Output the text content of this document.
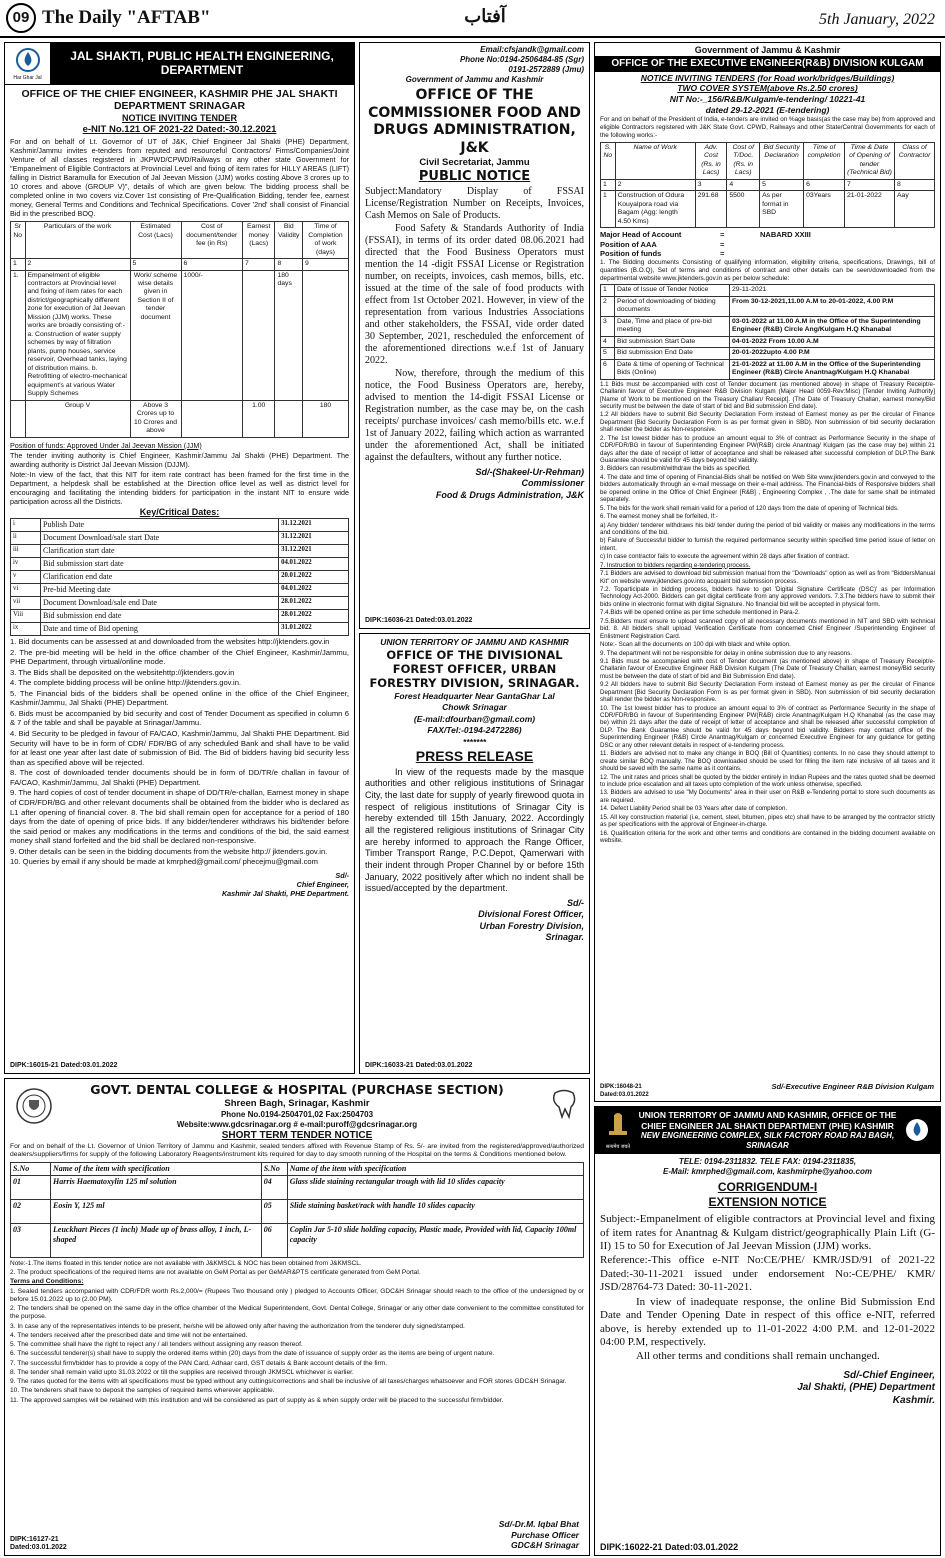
09 The Daily "AFTAB"	آفتاب	5th January, 2022
Har Ghar Jal
JAL SHAKTI, PUBLIC HEALTH ENGINEERING, DEPARTMENT
OFFICE OF THE CHIEF ENGINEER, KASHMIR PHE JAL SHAKTI DEPARTMENT SRINAGAR
NOTICE INVITING TENDER
e-NIT No.121 OF 2021-22 Dated:-30.12.2021

For and on behalf of Lt. Governor of UT of J&K, Chief Engineer Jal Shakti (PHE) Department, Kashmir/Jammu invites e-tenders from reputed and resourceful Contractors/ Firms/Companies/Joint Venture of all classes registered in JKPWD/CPWD/Railways or any other state Government for "Empanelment of Eligible Contractors at Provincial Level and fixing of item rates for HILLY AREAS (LIFT) falling in District Baramulla for Execution of Jal Jeevan Mission (JJM) works costing Above 3 crores up to 10 crores and above (GROUP V)", details of which are given below. The bidding process shall be completed online in two covers viz.Cover 1st consisting of Pre-Qualification Bidding, tender fee, earnest money, General Terms and Conditions and Technical Specifications. Cover '2nd' shall consist of Financial Bid in the prescribed BOQ.

Sr No	Particulars of the work	Estimated Cost (Lacs)	Cost of document/tender fee (in Rs)	Earnest money (Lacs)	Bid Validity	Time of Completion of work (days)
1	2	5	6	7	8	9
1.	Empanelment of eligible contractors at Provincial level and fixing of item rates for each district/geographically different zone for execution of Jal Jeevan Mission (JJM) works. These works are broadly consisting of:- a. Construction of water supply schemes by way of filtration plants, pump houses, service reservoir, Overhead tanks, laying of distribution mains. b. Retrofitting of electro-mechanical equipment's at various Water Supply Schemes	Work/ scheme wise details given in Section II of tender document	1000/-		180 days	
	Group V	Above 3 Crores up to 10 Crores and above		1.00		180

Position of funds: Approved Under Jal Jeevan Mission (JJM)

The tender inviting authority is Chief Engineer, Kashmir/Jammu Jal Shakti (PHE) Department. The awarding authority is District Jal Jeevan Mission (DJJM).

Note:-In view of the fact, that this NIT for item rate contract has been framed for the first time in the Department, a helpdesk shall be established at the Direction office level as well as district level for encouraging and facilitating the intending bidders for participation in the instant NIT to ensure wide participation across all the Districts.

Key/Critical Dates:
i	Publish Date	31.12.2021
ii	Document Download/sale start Date	31.12.2021
iii	Clarification start date	31.12.2021
iv	Bid submission start date	04.01.2022
v	Clarification end date	20.01.2022
vi	Pre-bid Meeting date	04.01.2022
vii	Document Download/sale end Date	28.01.2022
Viii	Bid submission end date	28.01.2022
ix	Date and time of Bid opening	31.01.2022

1. Bid documents can be assessed at and downloaded from the websites http://jktenders.gov.in

2. The pre-bid meeting will be held in the office chamber of the Chief Engineer, Kashmir/Jammu, PHE Department, through virtual/online mode.

3. The Bids shall be deposited on the websitehttp://jktenders.gov.in

4. The complete bidding process will be online http://jktenders.gov.in.

5. The Financial bids of the bidders shall be opened online in the office of the Chief Engineer, Kashmir/Jammu, Jal Shakti (PHE) Department.

6. Bids must be accompanied by bid security and cost of Tender Document as specified in column 6 & 7 of the table and shall be payable at Srinagar/Jammu.

4. Bid Security to be pledged in favour of FA/CAO, Kashmir/Jammu, Jal Shakti PHE Department. Bid Security will have to be in form of CDR/ FDR/BG of any scheduled Bank and shall have to be valid for at least one year after last date of submission of Bid. The Bid of bidders having bid security less than as specified above will be rejected.

8. The cost of downloaded tender documents should be in form of DD/TR/e challan in favour of FA/CAO, Kashmir/Jammu, Jal Shakti (PHE) Department.

9. The hard copies of cost of tender document in shape of DD/TR/e-challan, Earnest money in shape of CDR/FDR/BG and other relevant documents shall be obtained from the bidder who is declared as L1 after opening of financial cover. 8. The bid shall remain open for acceptance for a period of 180 days from the date of opening of price bids. If any bidder/tenderer withdraws his bid/tender before the said period or makes any modifications in the terms and conditions of the bid, the said earnest money shall stand forfeited and the bid shall be declared non-responsive.

9. Other details can be seen in the bidding documents from the website http:// jktenders.gov.in.

10. Queries by email if any should be made at kmrphed@gmail.com/ phecejmu@gmail.com

Sd/-
Chief Engineer,
Kashmir Jal Shakti, PHE Department.
DIPK:16015-21 Dated:03.01.2022
Email:cfsjandk@gmail.com
Phone No:0194-2506484-85 (Sgr)
0191-2572889 (Jmu)
Government of Jammu and Kashmir
OFFICE OF THE COMMISSIONER FOOD AND DRUGS ADMINISTRATION, J&K
Civil Secretariat, Jammu
PUBLIC NOTICE

Subject:Mandatory Display of FSSAI License/Registration Number on Receipts, Invoices, Cash Memos on Sale of Products.

Food Safety & Standards Authority of India (FSSAI), in terms of its order dated 08.06.2021 had directed that the Food Business Operators must mention the 14 -digit FSSAI License or Registration number, on receipts, invoices, cash memos, bills, etc. issued at the time of the sale of food products with effect from 1st October 2021. However, in view of the representation from various Industries Associations and other stakeholders, the FSSAI, vide order dated 30 September, 2021, rescheduled the enforcement of the aforementioned directions w.e.f 1st of January 2022.

Now, therefore, through the medium of this notice, the Food Business Operators are, hereby, advised to mention the 14-digit FSSAI License or Registration number, as the case may be, on the cash receipts/ purchase invoices/ cash memo/bills etc. w.e.f 1st of January 2022, failing which action as warranted under the aforementioned Act, shall be initiated against the defaulters, without any further notice.

Sd/-(Shakeel-Ur-Rehman)
Commissioner
Food & Drugs Administration, J&K
DIPK:16036-21 Dated:03.01.2022
UNION TERRITORY OF JAMMU AND KASHMIR
OFFICE OF THE DIVISIONAL FOREST OFFICER, URBAN FORESTRY DIVISION, SRINAGAR.
Forest Headquarter Near GantaGhar Lal
Chowk Srinagar
(E-mail:dfourban@gmail.com)
FAX/Tel:-0194-2472286)
*******
PRESS RELEASE

In view of the requests made by the masque authorities and other religious institutions of Srinagar City, the last date for supply of yearly firewood quota in respect of religious institutions of Srinagar City is hereby extended till 15th January, 2022. Accordingly all the registered religious institutions of Srinagar City are hereby informed to approach the Range Officer, Timber Transport Range, P.C.Depot, Qamerwari with their indent through Proper Channel by or before 15th January, 2022 positively after which no indent shall be issued/accepted by the department.

Sd/-
Divisional Forest Officer,
Urban Forestry Division,
Srinagar.
DIPK:16033-21 Dated:03.01.2022
Government of Jammu & Kashmir
OFFICE OF THE EXECUTIVE ENGINEER(R&B) DIVISION KULGAM
NOTICE INVITING TENDERS (for Road work/bridges/Buildings)
TWO COVER SYSTEM(above Rs.2.50 crores)
NIT No:-_156/R&B/Kulgam/e-tendering/ 10221-41
dated 29-12-2021 (E-tendering)

For and on behalf of the President of India, e-tenders are invited on %age basis(as the case may be) from approved and eligible Contractors registered with J&K State Govt. CPWD, Railways and other State/Central Governments for each of the following works:-

S. No	Name of Work	Adv. Cost (Rs. in Lacs)	Cost of T/Doc. (Rs. in Lacs)	Bid Security Declaration	Time of completion	Time & Date of Opening of tender (Technical Bid)	Class of Contractor
1	2	3	4	5	6	7	8
1	Construction of Odura Kouyalpora road via Bagam (Agg: length 4.50 Kms)	291.68	5500	As per format in SBD	03Years	21-01-2022	Aay
Major Head of Account	=	NABARD XXIII
Position of AAA	=
Position of funds	=

1. The Bidding documents Consisting of qualifying information, eligibility criteria, specifications, Drawings, bill of quantities (B.O.Q), Set of terms and conditions of contract and other details can be seen/downloaded from the departmental website www.jktenders.gov.in as per below schedule:

1	Date of Issue of Tender Notice	29-11-2021
2	Period of downloading of bidding documents	From 30-12-2021,11.00 A.M to 20-01-2022, 4.00 P.M
3	Date, Time and place of pre-bid meeting	03-01-2022 at 11.00 A.M in the Office of the Superintending Engineer (R&B) Circle Ang/Kulgam H.Q Khanabal
4	Bid submission Start Date	04-01-2022 From 10.00 A.M
5	Bid submission End Date	20-01-2022upto 4.00 P.M
6	Date & time of opening of Technical Bids (Online)	21-01-2022 at 11.00 A.M in the Office of the Superintending Engineer (R&B) Circle Anantnag/Kulgam H.Q Khanabal

1.1 Bids must be accompanied with cost of Tender document (as mentioned above) in shape of Treasury Receipt/e-Challanin favour of Executive Engineer R&B Division Kulgam (Major Head 0059-Rev:Misc) [Tender Inviting Authority][Name of Work to be mentioned on the Treasury Challan/ Receipt]. (The Date of Treasury Challan, earnest money/Bid security must be between the date of start of bid and Bid submission End date).

1.2 All bidders have to submit Bid Security Declaration Form instead of Earnest money as per the circular of Finance Department [Bid Security Declaration Form is as per format given in SBD). Non submission of bid security declaration shall render the bidder as Non-responsive.

2. The 1st lowest bidder has to produce an amount equal to 3% of contract as Performance Security in the shape of CDR/FDR/BG in favour of Superintending Engineer PW(R&B) circle Anantnag/ Kulgam (as the case may be) within 21 days after the date of receipt of letter of acceptance and shall be released after successful completion of DLP.The Bank Guarantee should be valid for 45 days beyond bid validity.

3. Bidders can resubmit/withdraw the bids as specified.

4. The date and time of opening of Financial-Bids shall be notified on Web Site www.jktenders.gov.in and conveyed to the bidders automatically through an e-mail message on their e-mail address. The Financial-bids of Responsive bidders shall be opened online in the Office of Chief Engineer [R&B] , Engineering Complex , .The date for same shall be intimated separately.

5. The bids for the work shall remain valid for a period of 120 days from the date of opening of Technical bids.

6. The earnest money shall be forfeited, If:-

a) Any bidder/ tenderer withdraws his bid/ tender during the period of bid validity or makes any modifications in the terms and conditions of the bid.

b) Failure of Successful bidder to furnish the required performance security within specified time period issue of letter on intent.

c) In case contractor fails to execute the agreement within 28 days after fixation of contract.

7. Instruction to bidders regarding e-tendering process.

7.1 Bidders are advised to download bid submission manual from the "Downloads" option as well as from "BiddersManual Kit" on website www.jktenders.gov.into acquaint bid submission process.

7.2. Toparticipate in bidding process, bidders have to get 'Digital Signature Certificate (DSC)' as per Information Technology Act-2000. Bidders can get digital certificate from any approved vendors. 7.3.The bidders have to submit their bids online in electronic format with digital Signature. No financial bid will be accepted in physical form.

7.4.Bids will be opened online as per time schedule mentioned in Para-2.

7.5.Bidders must ensure to upload scanned copy of all necessary documents mentioned in NIT and SBD with technical bid. 8. All bidders shall upload Verification Certificate from concerned Chief Engineer /Superintending Engineer of Enlistment Registration Card.

Note:- Scan all the documents on 100 dpi with black and white option.

9. The department will not be responsible for delay in online submission due to any reasons.

9.1 Bids must be accompanied with cost of Tender document (as mentioned above) in shape of Treasury Receipt/e-Challanin favour of Executive Engineer R&B Division Kulgam (The Date of Treasury Challan, earnest money/Bid security must be between the date of start of bid and Bid Submission End date).

9.2 All bidders have to submit Bid Security Declaration Form instead of Earnest money as per the circular of Finance Department [Bid Security Declaration Form is as per format given in SBD). Non submission of bid security declaration shall render the bidder as Non-responsive.

10. The 1st lowest bidder has to produce an amount equal to 3% of contract as Performance Security in the shape of CDR/FDR/BG in favour of Superintending Engineer PW(R&B) circle Anantnag/Kulgam H.Q Khanabal (as the case may be) within 21 days after the date of receipt of letter of acceptance and shall be released after successful completion of DLP. The Bank Guarantee should be valid for 45 days beyond bid validity. Bidders may contact office of the Superintending Engineer (R&B) Circle Anantnag/Kulgam or concerned Executive Engineer for any guidance for getting DSC or any other relevant details in respect of e-tendering process.

11. Bidders are advised not to make any change in BOQ (Bill of Quantities) contents. In no case they should attempt to create similar BOQ manually. The BOQ downloaded should be used for filling the item rate inclusive of all taxes and it should be saved with the same name as it contains.

12. The unit rates and prices shall be quoted by the bidder entirely in Indian Rupees and the rates quoted shall be deemed to include price escalation and all taxes upto completion of the work unless otherwise, specified.

13. Bidders are advised to use "My Documents" area in their user on R&B e-Tendering portal to store such documents as are required.

14. Defect Liability Period shall be 03 Years after date of completion.

15. All key construction material (i.e, cement, steel, bitumen, pipes etc) shall have to be arranged by the contractor strictly as per specifications with the approval of Engineer-in-charge.

16. Qualification criteria for the work and other terms and conditions are contained in the bidding document available on website.

Sd/-Executive Engineer R&B Division Kulgam
DIPK:16048-21
Dated:03.01.2022
GOVT. DENTAL COLLEGE & HOSPITAL (PURCHASE SECTION)
Shreen Bagh, Srinagar, Kashmir
Phone No.0194-2504701,02 Fax:2504703
Website:www.gdcsrinagar.org # e-mail:puroff@gdcsrinagar.org
SHORT TERM TENDER NOTICE

For and on behalf of the Lt. Governor of Union Territory of Jammu and Kashmir, sealed tenders affixed with Revenue Stamp of Rs. 5/- are invited from the registered/approved/authorized dealers/suppliers/firms for supply of the following Laboratory Reagents/instrument kits required for day to day smooth running of the Hospital on the terms & Conditions mentioned below.

S.No	Name of the item with specification	S.No	Name of the item with specification
01	Harris Haematoxylin 125 ml solution	04	Glass slide staining rectangular trough with lid 10 slides capacity
02	Eosin Y, 125 ml	05	Slide staining basket/rack with handle 10 slides capacity
03	Leuckhart Pieces (1 inch) Made up of brass alloy, 1 inch, L-shaped	06	Coplin Jar 5-10 slide holding capacity, Plastic made, Provided with lid, Capacity 100ml capacity

Note:-1.The items floated in this tender notice are not available with J&KMSCL & NOC has been obtained from J&KMSCL.

2. The product specifications of the required items are not available on GeM Portal as per GeMAR&PTS certificate generated from GeM Portal.

Terms and Conditions:

1. Sealed tenders accompanied with CDR/FDR worth Rs.2,000/= (Rupees Two thousand only ) pledged to Accounts Officer, GDC&H Srinagar should reach to the office of the undersigned by or before 15.01.2022 up to (2.00 PM).

2. The tenders shall be opened on the same day in the office chamber of the Medical Superintendent, Govt. Dental College, Srinagar or any other date convenient to the committee constituted for the purpose.

3. In case any of the representatives intends to be present, he/she will be allowed only after having the authorization from the tenderer duly signed/stamped.

4. The tenders received after the prescribed date and time will not be entertained.

5. The committee shall have the right to reject any / all tenders without assigning any reason thereof.

6. The successful tenderer(s) shall have to supply the ordered items within (20) days from the date of issuance of supply order as the items are being of urgent nature.

7. The successful firm/bidder has to provide a copy of the PAN Card, Adhaar card, GST details & Bank account details of the firm.

8. The tender shall remain valid upto 31.03.2022 or till the supplies are received through JKMSCL whichever is earlier.

9. The rates quoted for the items with all specifications must be typed without any cuttings/corrections and shall be inclusive of all taxes/charges whatsoever and FOR stores GDC&H Srinagar.

10. The tenderers shall have to deposit the samples of required items wherever applicable.

11. The approved samples will be retained with this institution and will be considered as part of supply as & when supply order will be placed to the successful firm/bidder.

Sd/-Dr.M. Iqbal Bhat
Purchase Officer
GDC&H Srinagar
DIPK:16127-21
Dated:03.01.2022
सत्यमेव जयते
UNION TERRITORY OF JAMMU AND KASHMIR, OFFICE OF THE CHIEF ENGINEER JAL SHAKTI DEPARTMENT (PHE) KASHMIR
NEW ENGINEERING COMPLEX, SILK FACTORY ROAD RAJ BAGH, SRINAGAR
TELE: 0194-2311832. TELE FAX: 0194-2311835,
E-Mail: kmrphed@gmail.com, kashmirphe@yahoo.com
CORRIGENDUM-I
EXTENSION NOTICE

Subject:-Empanelment of eligible contractors at Provincial level and fixing of item rates for Anantnag & Kulgam district/geographically Plain Lift (G-II) 15 to 50 for Execution of Jal Jeevan Mission (JJM) works.

Reference:-This office e-NIT No:CE/PHE/ KMR/JSD/91 of 2021-22 Dated:-30-11-2021 issued under endorsement No:-CE/PHE/ KMR/ JSD/28764-73 Dated: 30-11-2021.

In view of inadequate response, the online Bid Submission End Date and Tender Opening Date in respect of this office e-NIT, referred above, is hereby extended up to 11-01-2022 4:00 P.M. and 12-01-2022 04:00 P.M, respectively.

All other terms and conditions shall remain unchanged.

Sd/-Chief Engineer,
Jal Shakti, (PHE) Department
Kashmir.
DIPK:16022-21 Dated:03.01.2022
